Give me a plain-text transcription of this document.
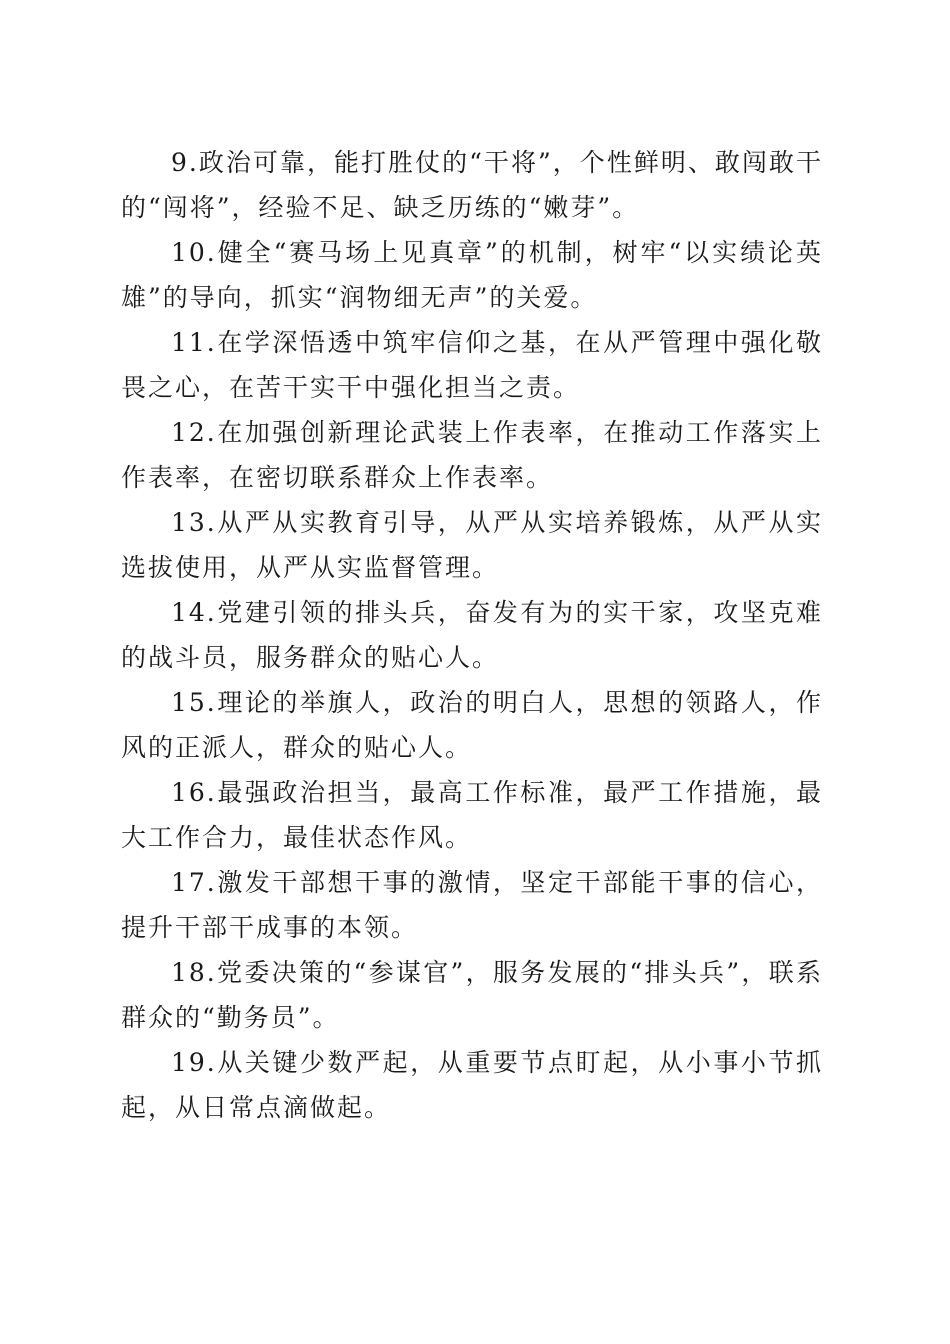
9.政治可靠，能打胜仗的“干将”，个性鲜明、敢闯敢干的“闯将”，经验不足、缺乏历练的“嫩芽”。

10.健全“赛马场上见真章”的机制，树牢“以实绩论英雄”的导向，抓实“润物细无声”的关爱。

11.在学深悟透中筑牢信仰之基，在从严管理中强化敬畏之心，在苦干实干中强化担当之责。

12.在加强创新理论武装上作表率，在推动工作落实上作表率，在密切联系群众上作表率。

13.从严从实教育引导，从严从实培养锻炼，从严从实选拔使用，从严从实监督管理。

14.党建引领的排头兵，奋发有为的实干家，攻坚克难的战斗员，服务群众的贴心人。

15.理论的举旗人，政治的明白人，思想的领路人，作风的正派人，群众的贴心人。

16.最强政治担当，最高工作标准，最严工作措施，最大工作合力，最佳状态作风。

17.激发干部想干事的激情，坚定干部能干事的信心，提升干部干成事的本领。

18.党委决策的“参谋官”，服务发展的“排头兵”，联系群众的“勤务员”。

19.从关键少数严起，从重要节点盯起，从小事小节抓起，从日常点滴做起。
